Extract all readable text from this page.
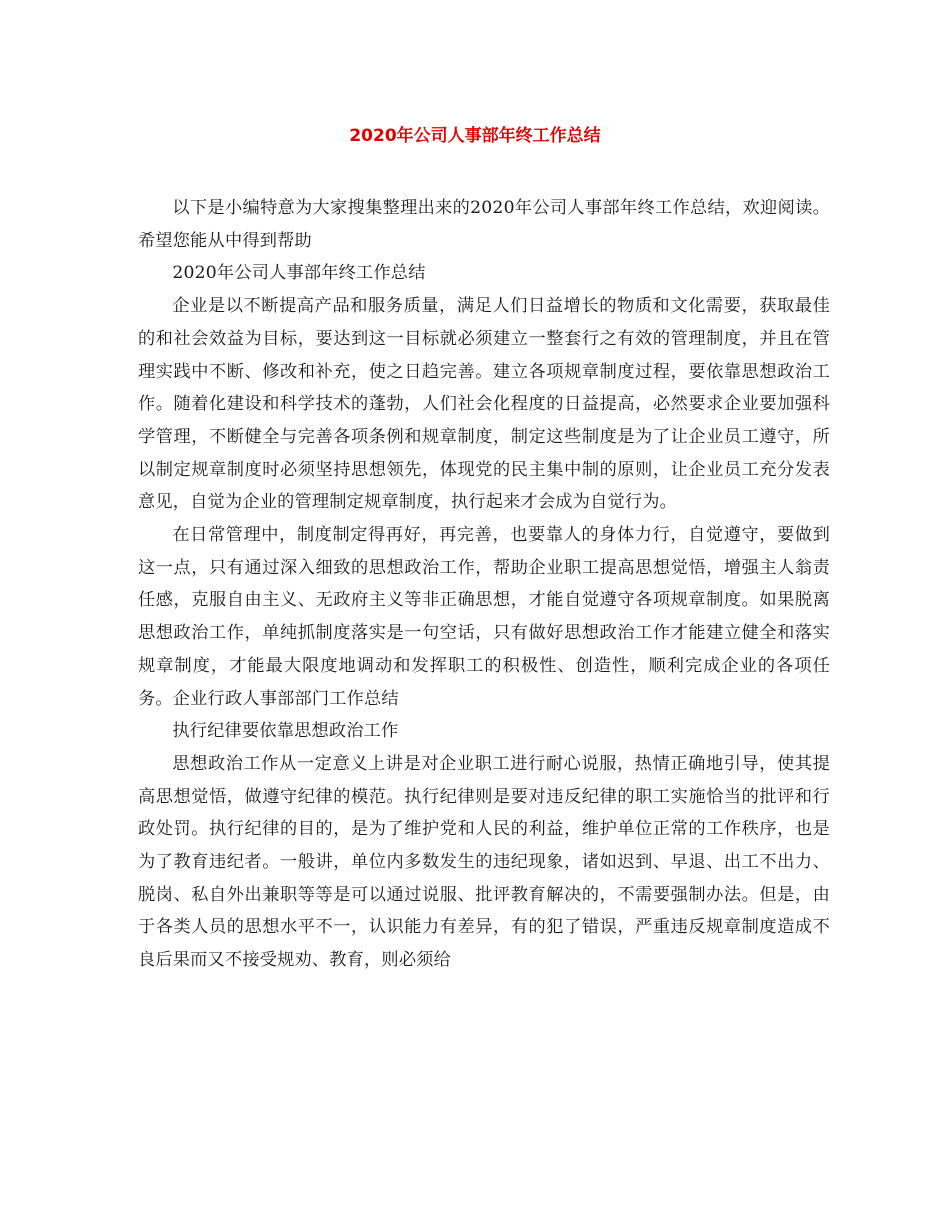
2020年公司人事部年终工作总结

以下是小编特意为大家搜集整理出来的2020年公司人事部年终工作总结，欢迎阅读。希望您能从中得到帮助

2020年公司人事部年终工作总结

企业是以不断提高产品和服务质量，满足人们日益增长的物质和文化需要，获取最佳的和社会效益为目标，要达到这一目标就必须建立一整套行之有效的管理制度，并且在管理实践中不断、修改和补充，使之日趋完善。建立各项规章制度过程，要依靠思想政治工作。随着化建设和科学技术的蓬勃，人们社会化程度的日益提高，必然要求企业要加强科学管理，不断健全与完善各项条例和规章制度，制定这些制度是为了让企业员工遵守，所以制定规章制度时必须坚持思想领先，体现党的民主集中制的原则，让企业员工充分发表意见，自觉为企业的管理制定规章制度，执行起来才会成为自觉行为。

在日常管理中，制度制定得再好，再完善，也要靠人的身体力行，自觉遵守，要做到这一点，只有通过深入细致的思想政治工作，帮助企业职工提高思想觉悟，增强主人翁责任感，克服自由主义、无政府主义等非正确思想，才能自觉遵守各项规章制度。如果脱离思想政治工作，单纯抓制度落实是一句空话，只有做好思想政治工作才能建立健全和落实规章制度，才能最大限度地调动和发挥职工的积极性、创造性，顺利完成企业的各项任务。企业行政人事部部门工作总结

执行纪律要依靠思想政治工作

思想政治工作从一定意义上讲是对企业职工进行耐心说服，热情正确地引导，使其提高思想觉悟，做遵守纪律的模范。执行纪律则是要对违反纪律的职工实施恰当的批评和行政处罚。执行纪律的目的，是为了维护党和人民的利益，维护单位正常的工作秩序，也是为了教育违纪者。一般讲，单位内多数发生的违纪现象，诸如迟到、早退、出工不出力、脱岗、私自外出兼职等等是可以通过说服、批评教育解决的，不需要强制办法。但是，由于各类人员的思想水平不一，认识能力有差异，有的犯了错误，严重违反规章制度造成不良后果而又不接受规劝、教育，则必须给
